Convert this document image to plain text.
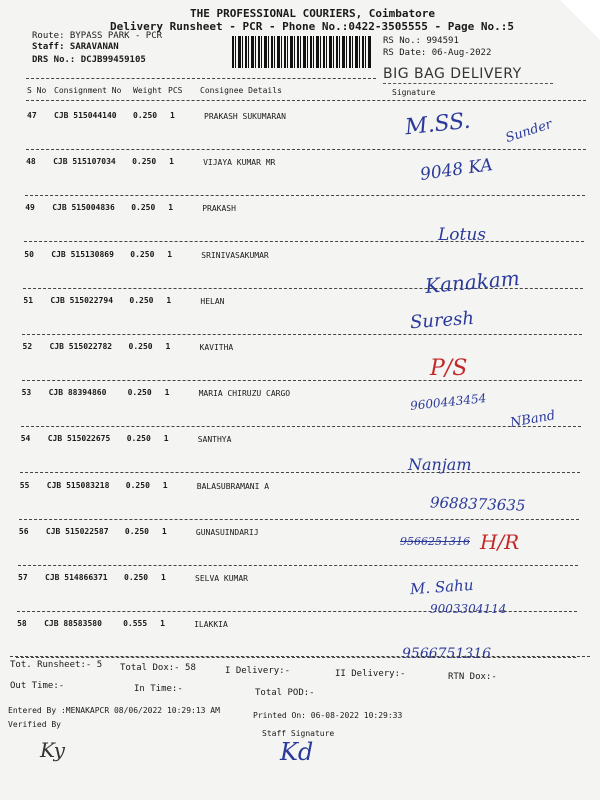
THE PROFESSIONAL COURIERS, Coimbatore
Delivery Runsheet - PCR - Phone No.:0422-3505555 - Page No.:5
Route: BYPASS PARK - PCR
Staff: SARAVANAN
DRS No.: DCJB99459105
RS No.: 994591
RS Date: 06-Aug-2022
BIG BAG DELIVERY
S No Consignment No Weight PCS Consignee Details	Signature
47 CJB 515044140 0.250 1	PRAKASH SUKUMARAN
48 CJB 515107034 0.250 1	VIJAYA KUMAR MR
49 CJB 515004836 0.250 1	PRAKASH
50 CJB 515130869 0.250 1	SRINIVASAKUMAR
51 CJB 515022794 0.250 1	HELAN
52 CJB 515022782 0.250 1	KAVITHA
53 CJB 88394860	0.250 1	MARIA CHIRUZU CARGO
54 CJB 515022675 0.250 1	SANTHYA
55 CJB 515083218 0.250 1	BALASUBRAMANI A
56 CJB 515022587 0.250 1	GUNASUINDARIJ
57 CJB 514866371 0.250 1	SELVA KUMAR
58 CJB 88583580	0.555 1	ILAKKIA
M.SS. Sunder
9048 KA
Lotus
Kanakam
Suresh
P/S
9600443454
NBand
Nanjam
9688373635
H/R
9566251316
M. Sahu
9003304114
9566751316
Tot. Runsheet:- 5 Total Dox:- 58	I Delivery:-	II Delivery:-	RTN Dox:-
Out Time:-	In Time:-	Total POD:-
Entered By :MENAKAPCR 08/06/2022 10:29:13 AM
Printed On: 06-08-2022 10:29:33
Verified By
Staff Signature
Ky	Kd
